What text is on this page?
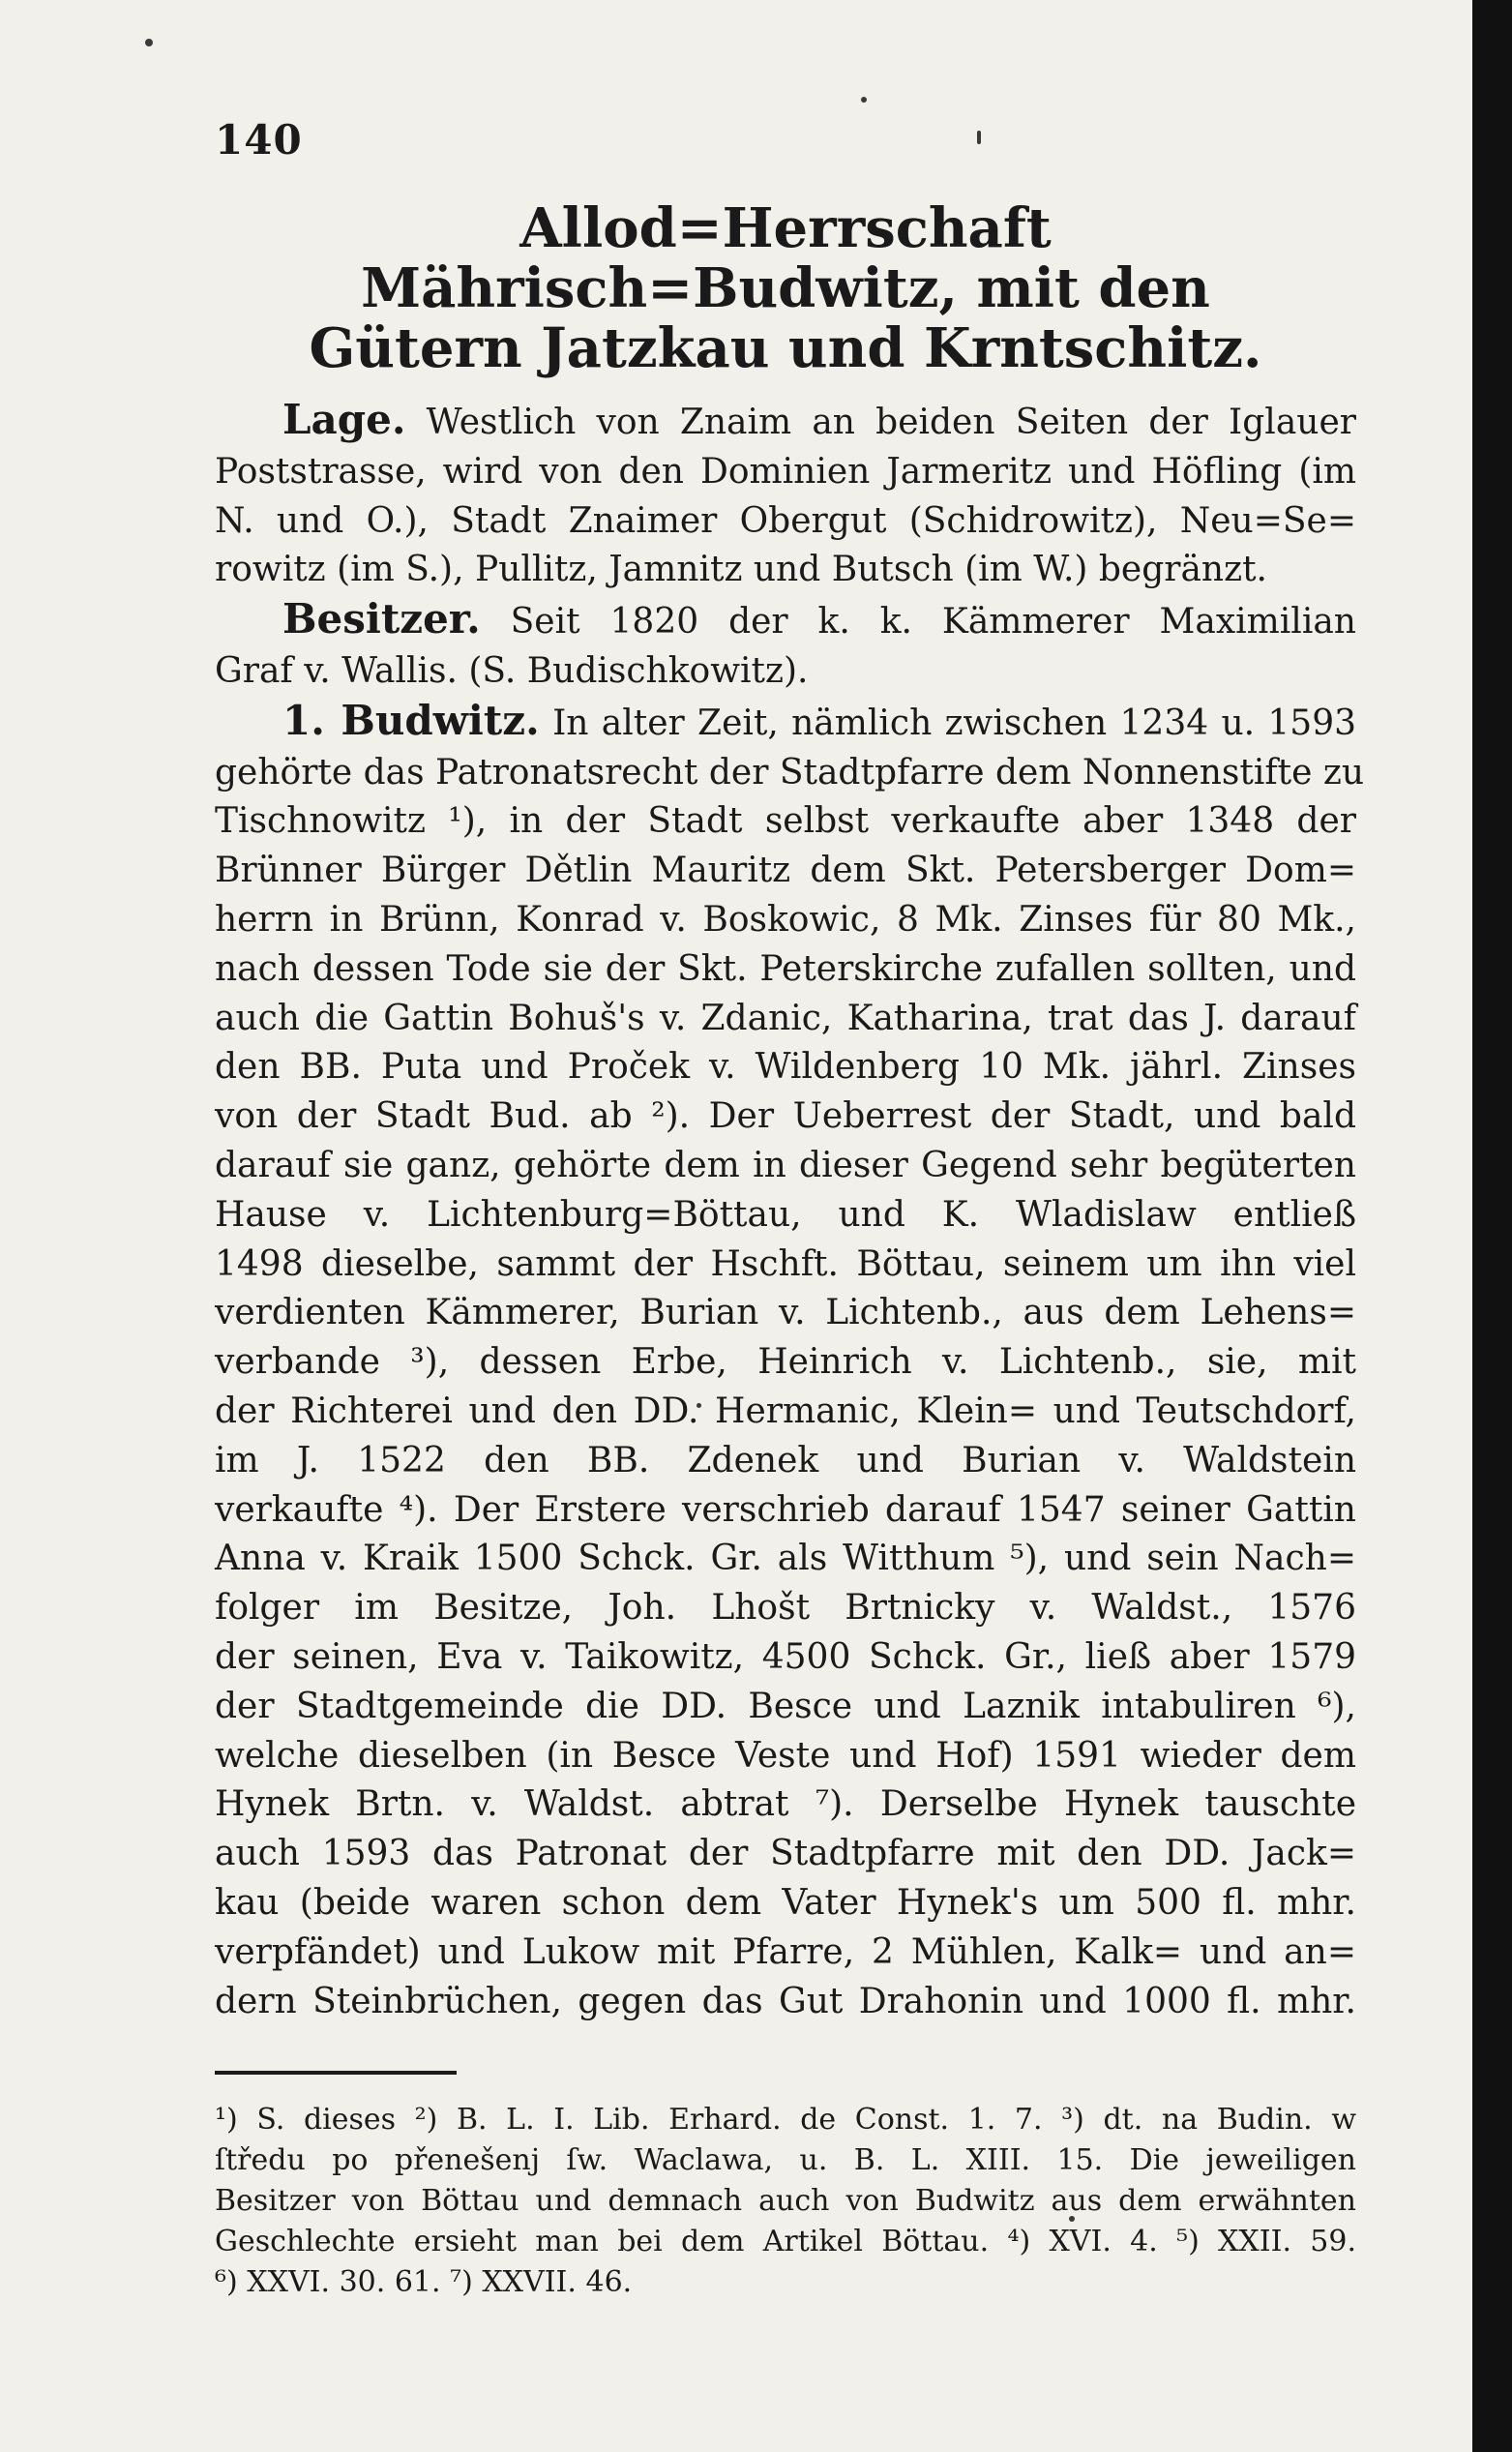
140
Allod=Herrschaft Mährisch=Budwitz, mit den
Gütern Jatzkau und Krntschitz.

Lage. Westlich von Znaim an beiden Seiten der Iglauer

Poststrasse, wird von den Dominien Jarmeritz und Höfling (im

N. und O.), Stadt Znaimer Obergut (Schidrowitz), Neu=Se=

rowitz (im S.), Pullitz, Jamnitz und Butsch (im W.) begränzt.

Besitzer. Seit 1820 der k. k. Kämmerer Maximilian

Graf v. Wallis. (S. Budischkowitz).

1. Budwitz. In alter Zeit, nämlich zwischen 1234 u. 1593

gehörte das Patronatsrecht der Stadtpfarre dem Nonnenstifte zu

Tischnowitz ¹), in der Stadt selbst verkaufte aber 1348 der

Brünner Bürger Dětlin Mauritz dem Skt. Petersberger Dom=

herrn in Brünn, Konrad v. Boskowic, 8 Mk. Zinses für 80 Mk.,

nach dessen Tode sie der Skt. Peterskirche zufallen sollten, und

auch die Gattin Bohuš's v. Zdanic, Katharina, trat das J. darauf

den BB. Puta und Proček v. Wildenberg 10 Mk. jährl. Zinses

von der Stadt Bud. ab ²). Der Ueberrest der Stadt, und bald

darauf sie ganz, gehörte dem in dieser Gegend sehr begüterten

Hause v. Lichtenburg=Böttau, und K. Wladislaw entließ

1498 dieselbe, sammt der Hschft. Böttau, seinem um ihn viel

verdienten Kämmerer, Burian v. Lichtenb., aus dem Lehens=

verbande ³), dessen Erbe, Heinrich v. Lichtenb., sie, mit

der Richterei und den DD. Hermanic, Klein= und Teutschdorf,

im J. 1522 den BB. Zdenek und Burian v. Waldstein

verkaufte ⁴). Der Erstere verschrieb darauf 1547 seiner Gattin

Anna v. Kraik 1500 Schck. Gr. als Witthum ⁵), und sein Nach=

folger im Besitze, Joh. Lhošt Brtnicky v. Waldst., 1576

der seinen, Eva v. Taikowitz, 4500 Schck. Gr., ließ aber 1579

der Stadtgemeinde die DD. Besce und Laznik intabuliren ⁶),

welche dieselben (in Besce Veste und Hof) 1591 wieder dem

Hynek Brtn. v. Waldst. abtrat ⁷). Derselbe Hynek tauschte

auch 1593 das Patronat der Stadtpfarre mit den DD. Jack=

kau (beide waren schon dem Vater Hynek's um 500 fl. mhr.

verpfändet) und Lukow mit Pfarre, 2 Mühlen, Kalk= und an=

dern Steinbrüchen, gegen das Gut Drahonin und 1000 fl. mhr.

¹) S. dieses ²) B. L. I. Lib. Erhard. de Const. 1. 7. ³) dt. na Budin. w

ſtředu po přenešenj ſw. Waclawa, u. B. L. XIII. 15. Die jeweiligen

Besitzer von Böttau und demnach auch von Budwitz aus dem erwähnten

Geschlechte ersieht man bei dem Artikel Böttau. ⁴) XVI. 4. ⁵) XXII. 59.

⁶) XXVI. 30. 61. ⁷) XXVII. 46.
